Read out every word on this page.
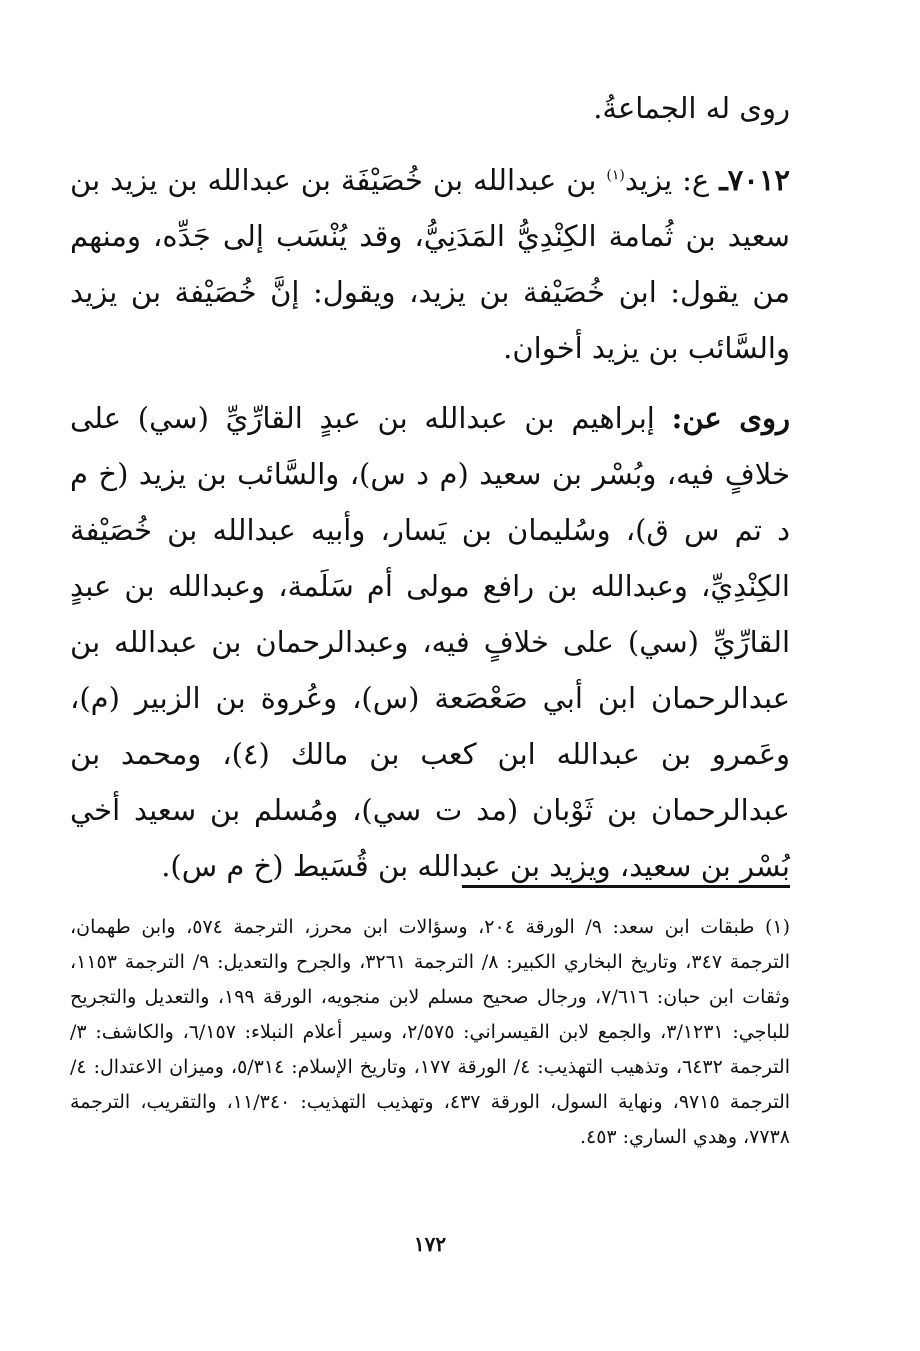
روى له الجماعةُ.

٧٠١٢ـ ع: يزيد$^{(١)}$ بن عبدالله بن خُصَيْفَة بن عبدالله بن يزيد بن سعيد بن ثُمامة الكِنْدِيُّ المَدَنِيُّ، وقد يُنْسَب إلى جَدِّه، ومنهم من يقول: ابن خُصَيْفة بن يزيد، ويقول: إنَّ خُصَيْفة بن يزيد والسَّائب بن يزيد أخوان.

روى عن: إبراهيم بن عبدالله بن عبدٍ القارِّيِّ (سي) على خلافٍ فيه، وبُسْر بن سعيد (م د س)، والسَّائب بن يزيد (خ م د تم س ق)، وسُليمان بن يَسار، وأبيه عبدالله بن خُصَيْفة الكِنْدِيِّ، وعبدالله بن رافع مولى أم سَلَمة، وعبدالله بن عبدٍ القارِّيِّ (سي) على خلافٍ فيه، وعبدالرحمان بن عبدالله بن عبدالرحمان ابن أبي صَعْصَعة (س)، وعُروة بن الزبير (م)، وعَمرو بن عبدالله ابن كعب بن مالك (٤)، ومحمد بن عبدالرحمان بن ثَوْبان (مد ت سي)، ومُسلم بن سعيد أخي بُسْر بن سعيد، ويزيد بن عبدالله بن قُسَيط (خ م س).

(١) طبقات ابن سعد: ٩/ الورقة ٢٠٤، وسؤالات ابن محرز، الترجمة ٥٧٤، وابن طهمان، الترجمة ٣٤٧، وتاريخ البخاري الكبير: ٨/ الترجمة ٣٢٦١، والجرح والتعديل: ٩/ الترجمة ١١٥٣، وثقات ابن حبان: ٧/٦١٦، ورجال صحيح مسلم لابن منجويه، الورقة ١٩٩، والتعديل والتجريح للباجي: ٣/١٢٣١، والجمع لابن القيسراني: ٢/٥٧٥، وسير أعلام النبلاء: ٦/١٥٧، والكاشف: ٣/ الترجمة ٦٤٣٢، وتذهيب التهذيب: ٤/ الورقة ١٧٧، وتاريخ الإسلام: ٥/٣١٤، وميزان الاعتدال: ٤/ الترجمة ٩٧١٥، ونهاية السول، الورقة ٤٣٧، وتهذيب التهذيب: ١١/٣٤٠، والتقريب، الترجمة ٧٧٣٨، وهدي الساري: ٤٥٣.

١٧٢
